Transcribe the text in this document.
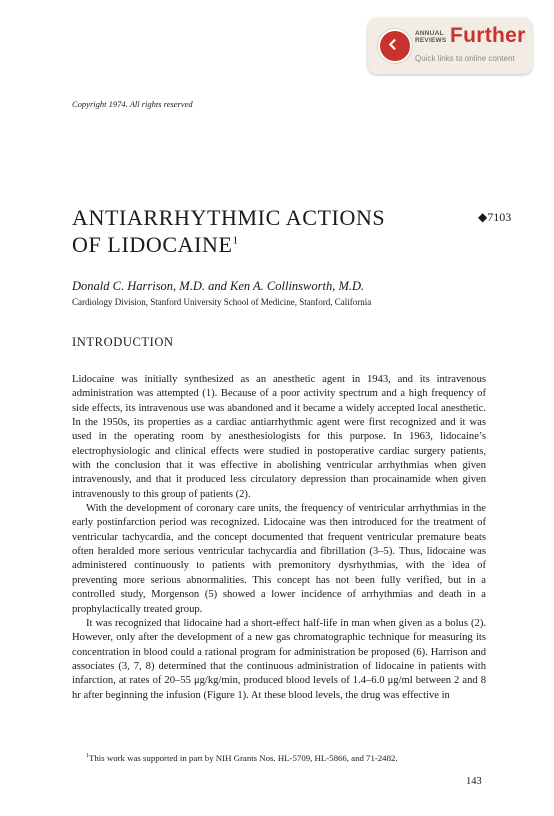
ANNUAL
REVIEWS Further
Quick links to online content
Copyright 1974. All rights reserved
ANTIARRHYTHMIC ACTIONS
OF LIDOCAINE$^1$
◆7103
Donald C. Harrison, M.D. and Ken A. Collinsworth, M.D.
Cardiology Division, Stanford University School of Medicine, Stanford, California
INTRODUCTION

Lidocaine was initially synthesized as an anesthetic agent in 1943, and its intravenous administration was attempted (1). Because of a poor activity spectrum and a high frequency of side effects, its intravenous use was abandoned and it became a widely accepted local anesthetic. In the 1950s, its properties as a cardiac antiarrhythmic agent were first recognized and it was used in the operating room by anesthesiologists for this purpose. In 1963, lidocaine’s electrophysiologic and clinical effects were studied in postoperative cardiac surgery patients, with the conclusion that it was effective in abolishing ventricular arrhythmias when given intravenously, and that it produced less circulatory depression than procainamide when given intravenously to this group of patients (2).

With the development of coronary care units, the frequency of ventricular arrhythmias in the early postinfarction period was recognized. Lidocaine was then introduced for the treatment of ventricular tachycardia, and the concept documented that frequent ventricular premature beats often heralded more serious ventricular tachycardia and fibrillation (3–5). Thus, lidocaine was administered continuously to patients with premonitory dysrhythmias, with the idea of preventing more serious abnormalities. This concept has not been fully verified, but in a controlled study, Morgenson (5) showed a lower incidence of arrhythmias and death in a prophylactically treated group.

It was recognized that lidocaine had a short-effect half-life in man when given as a bolus (2). However, only after the development of a new gas chromatographic technique for measuring its concentration in blood could a rational program for administration be proposed (6). Harrison and associates (3, 7, 8) determined that the continuous administration of lidocaine in patients with infarction, at rates of 20–55 μg/kg/min, produced blood levels of 1.4–6.0 μg/ml between 2 and 8 hr after beginning the infusion (Figure 1). At these blood levels, the drug was effective in

$^1$This work was supported in part by NIH Grants Nos. HL-5709, HL-5866, and 71-2482.
143
